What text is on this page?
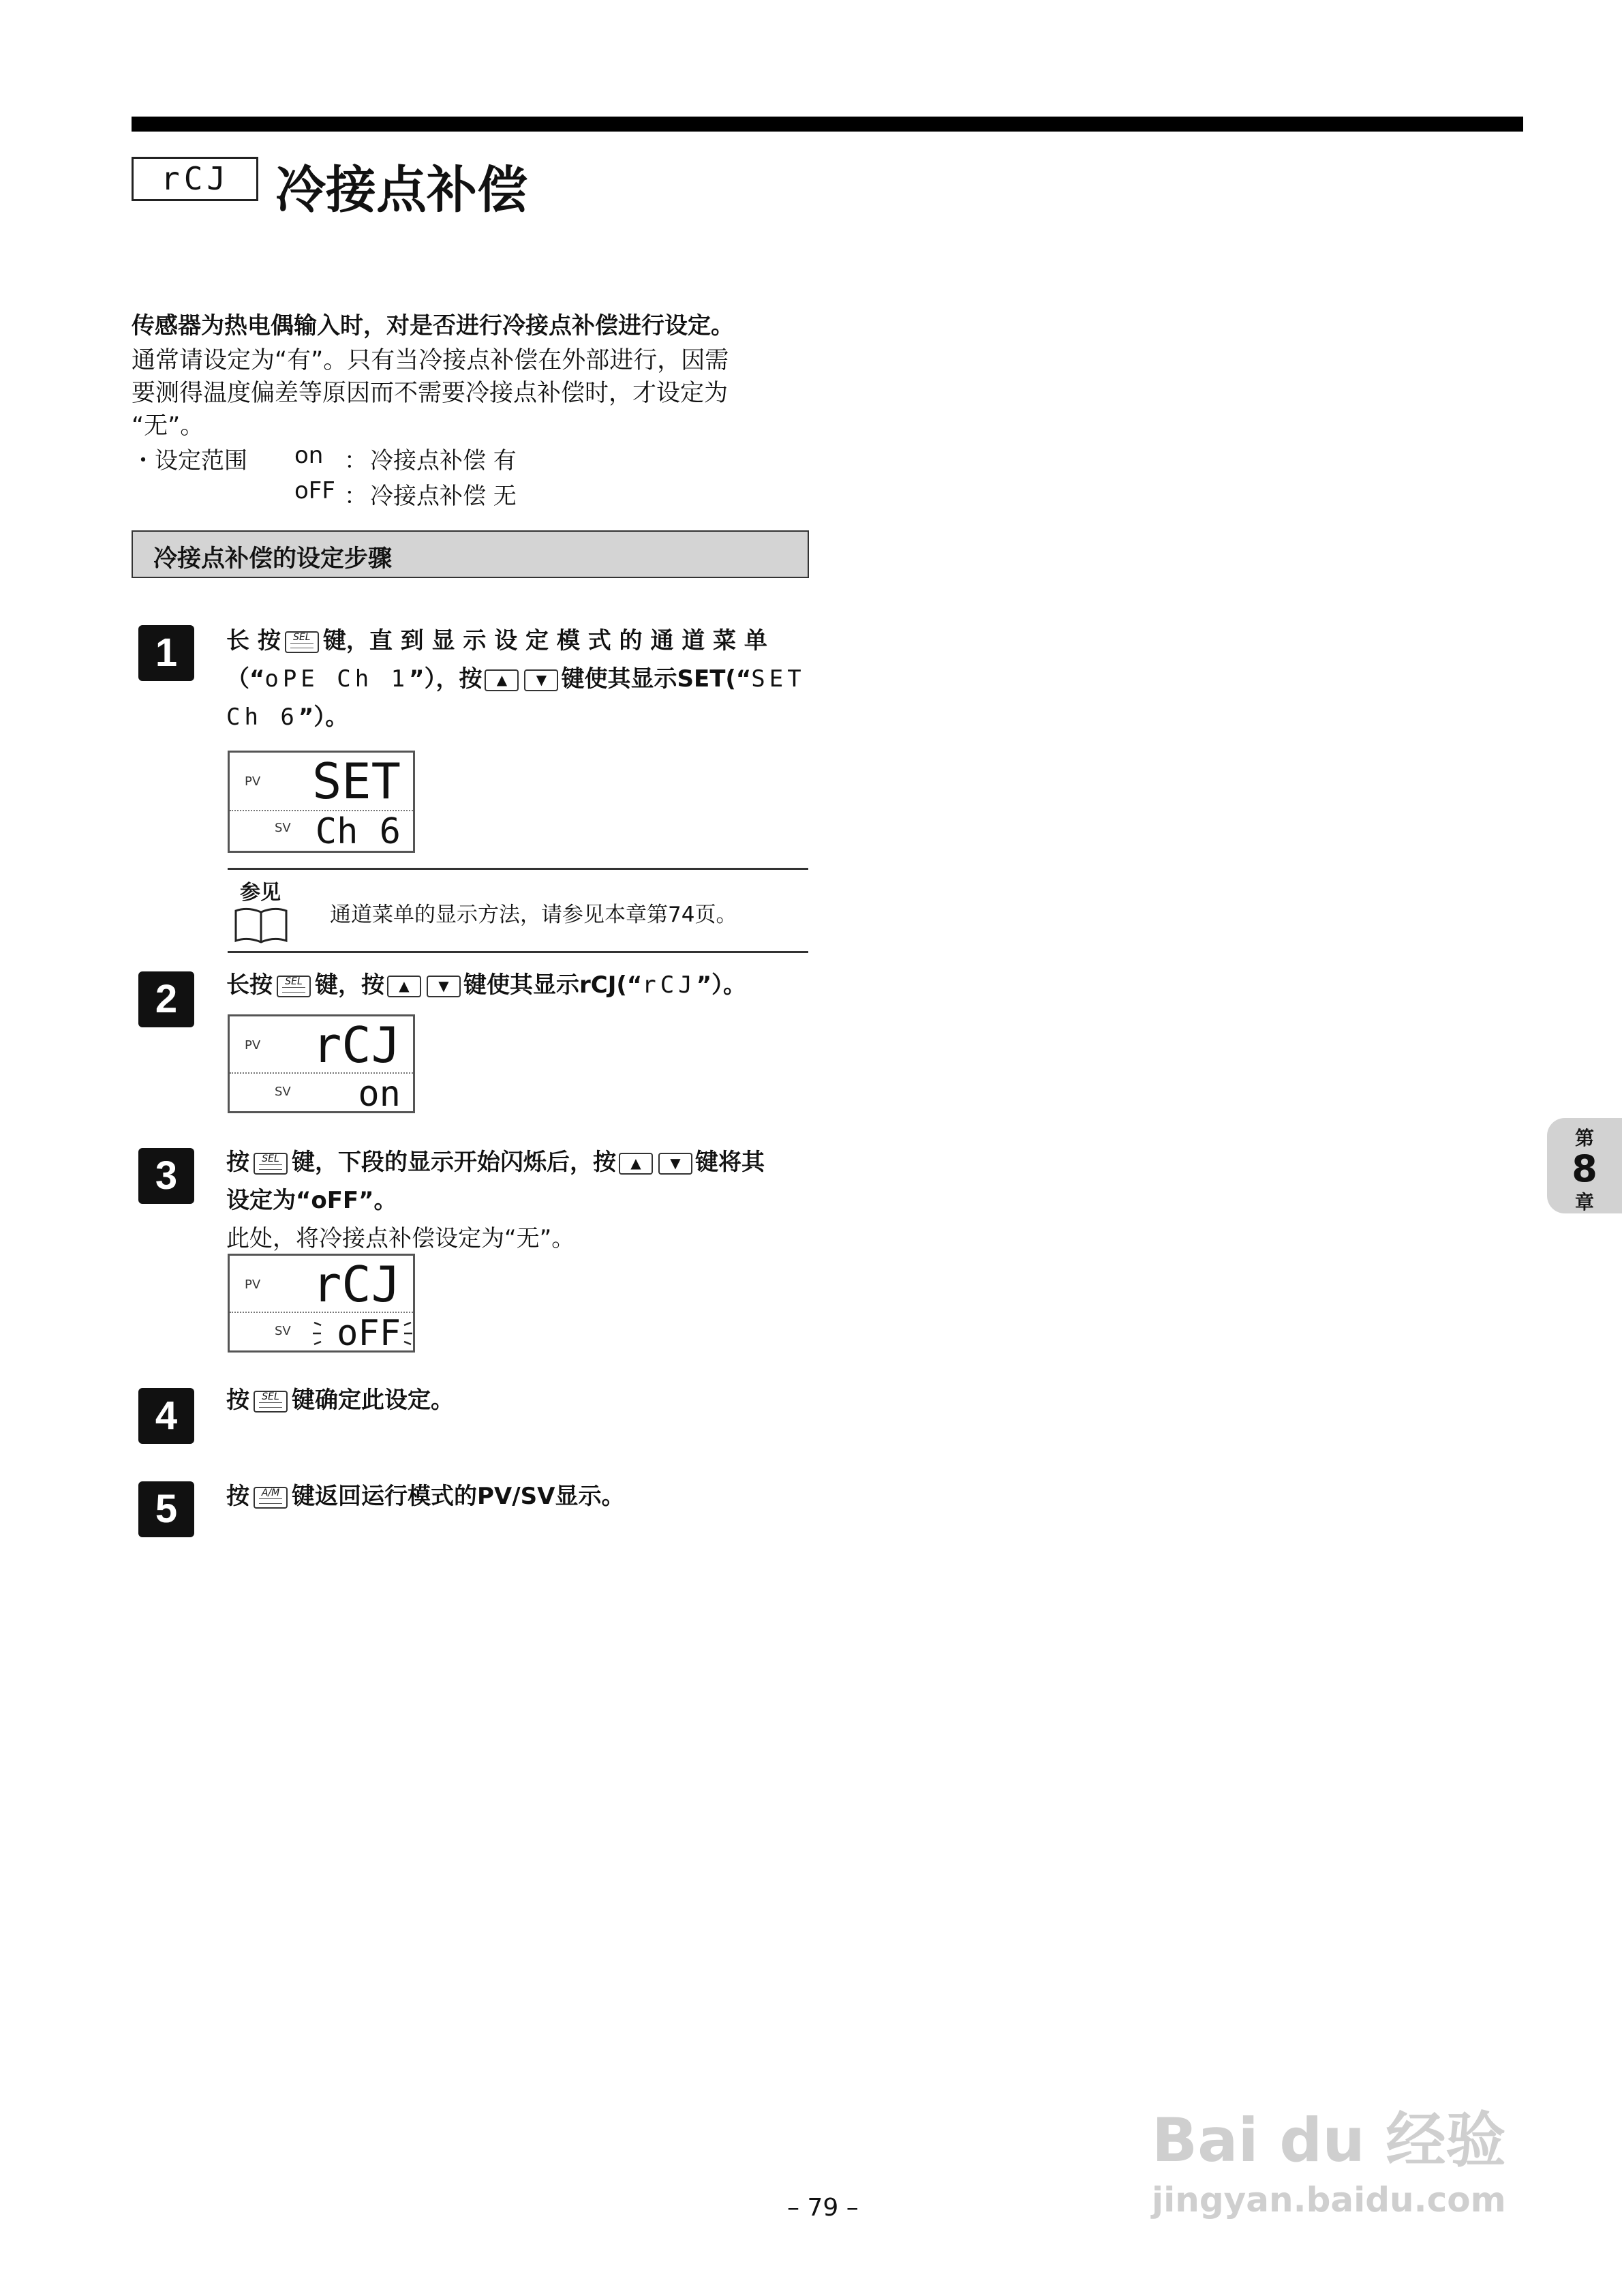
rCJ 冷接点补偿
传感器为热电偶输入时，对是否进行冷接点补偿进行设定。
通常请设定为“有”。只有当冷接点补偿在外部进行，因需
要测得温度偏差等原因而不需要冷接点补偿时，才设定为
“无”。
・设定范围 on ： 冷接点补偿 有
oFF ： 冷接点补偿 无
冷接点补偿的设定步骤
1	长 按 SEL 键，直 到 显 示 设 定 模 式 的 通 道 菜 单
（“oPE Ch 1”），按 ▲ ▼ 键使其显示SET(“SET
Ch 6”）。
PV SET
SV Ch 6
参见
通道菜单的显示方法，请参见本章第74页。
2	长按 SEL 键，按 ▲ ▼ 键使其显示rCJ(“rCJ”）。
PV rCJ
SV on
3	按 SEL 键，下段的显示开始闪烁后，按 ▲ ▼ 键将其
设定为“oFF”。
此处，将冷接点补偿设定为“无”。
PV rCJ
SV oFF
4	按 SEL 键确定此设定。
5	按 A/M 键返回运行模式的PV/SV显示。
第
8
章
– 79 –
Bai du 经验
jingyan.baidu.com
